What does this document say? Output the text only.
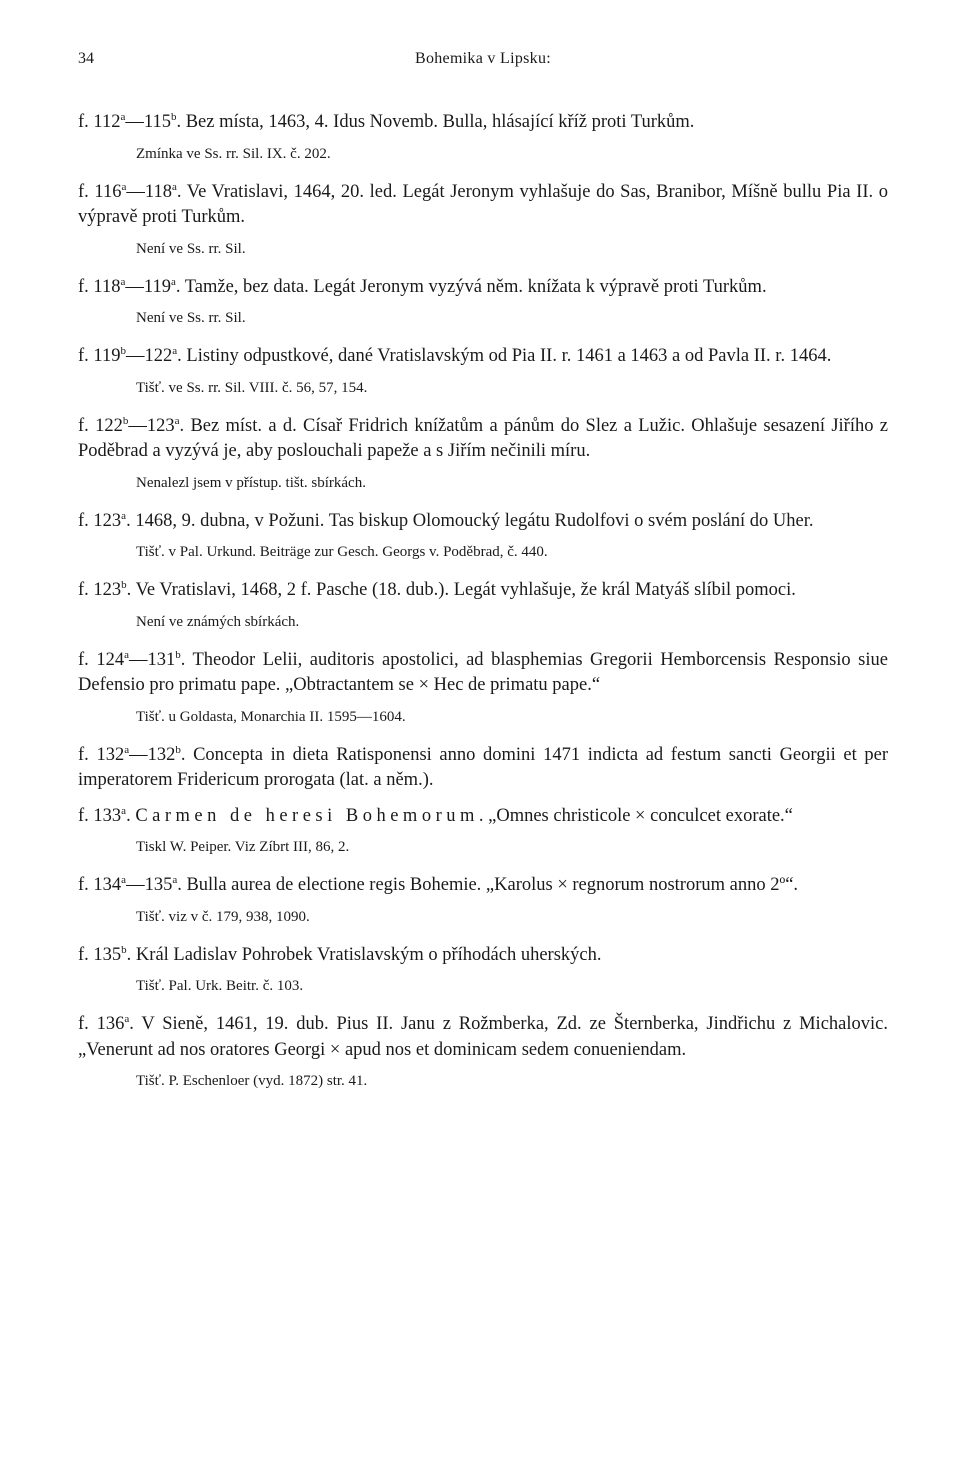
34	Bohemika v Lipsku:

f. 112$^a$—115$^b$. Bez místa, 1463, 4. Idus Novemb. Bulla, hlásající kříž proti Turkům.

Zmínka ve Ss. rr. Sil. IX. č. 202.

f. 116$^a$—118$^a$. Ve Vratislavi, 1464, 20. led. Legát Jeronym vyhlašuje do Sas, Branibor, Míšně bullu Pia II. o výpravě proti Turkům.

Není ve Ss. rr. Sil.

f. 118$^a$—119$^a$. Tamže, bez data. Legát Jeronym vyzývá něm. knížata k výpravě proti Turkům.

Není ve Ss. rr. Sil.

f. 119$^b$—122$^a$. Listiny odpustkové, dané Vratislavským od Pia II. r. 1461 a 1463 a od Pavla II. r. 1464.

Tišť. ve Ss. rr. Sil. VIII. č. 56, 57, 154.

f. 122$^b$—123$^a$. Bez míst. a d. Císař Fridrich knížatům a pánům do Slez a Lužic. Ohlašuje sesazení Jiřího z Poděbrad a vyzývá je, aby poslouchali papeže a s Jiřím nečinili míru.

Nenalezl jsem v přístup. tišt. sbírkách.

f. 123$^a$. 1468, 9. dubna, v Požuni. Tas biskup Olomoucký legátu Rudolfovi o svém poslání do Uher.

Tišť. v Pal. Urkund. Beiträge zur Gesch. Georgs v. Poděbrad, č. 440.

f. 123$^b$. Ve Vratislavi, 1468, 2 f. Pasche (18. dub.). Legát vyhlašuje, že král Matyáš slíbil pomoci.

Není ve známých sbírkách.

f. 124$^a$—131$^b$. Theodor Lelii, auditoris apostolici, ad blasphemias Gregorii Hemborcensis Responsio siue Defensio pro primatu pape. „Obtractantem se × Hec de primatu pape.“

Tišť. u Goldasta, Monarchia II. 1595—1604.

f. 132$^a$—132$^b$. Concepta in dieta Ratisponensi anno domini 1471 indicta ad festum sancti Georgii et per imperatorem Fridericum prorogata (lat. a něm.).

f. 133$^a$. Carmen de heresi Bohemorum. „Omnes christicole × conculcet exorate.“

Tiskl W. Peiper. Viz Zíbrt III, 86, 2.

f. 134$^a$—135$^a$. Bulla aurea de electione regis Bohemie. „Karolus × regnorum nostrorum anno 2º“.

Tišť. viz v č. 179, 938, 1090.

f. 135$^b$. Král Ladislav Pohrobek Vratislavským o příhodách uherských.

Tišť. Pal. Urk. Beitr. č. 103.

f. 136$^a$. V Sieně, 1461, 19. dub. Pius II. Janu z Rožmberka, Zd. ze Šternberka, Jindřichu z Michalovic. „Venerunt ad nos oratores Georgi × apud nos et dominicam sedem conueniendam.

Tišť. P. Eschenloer (vyd. 1872) str. 41.
